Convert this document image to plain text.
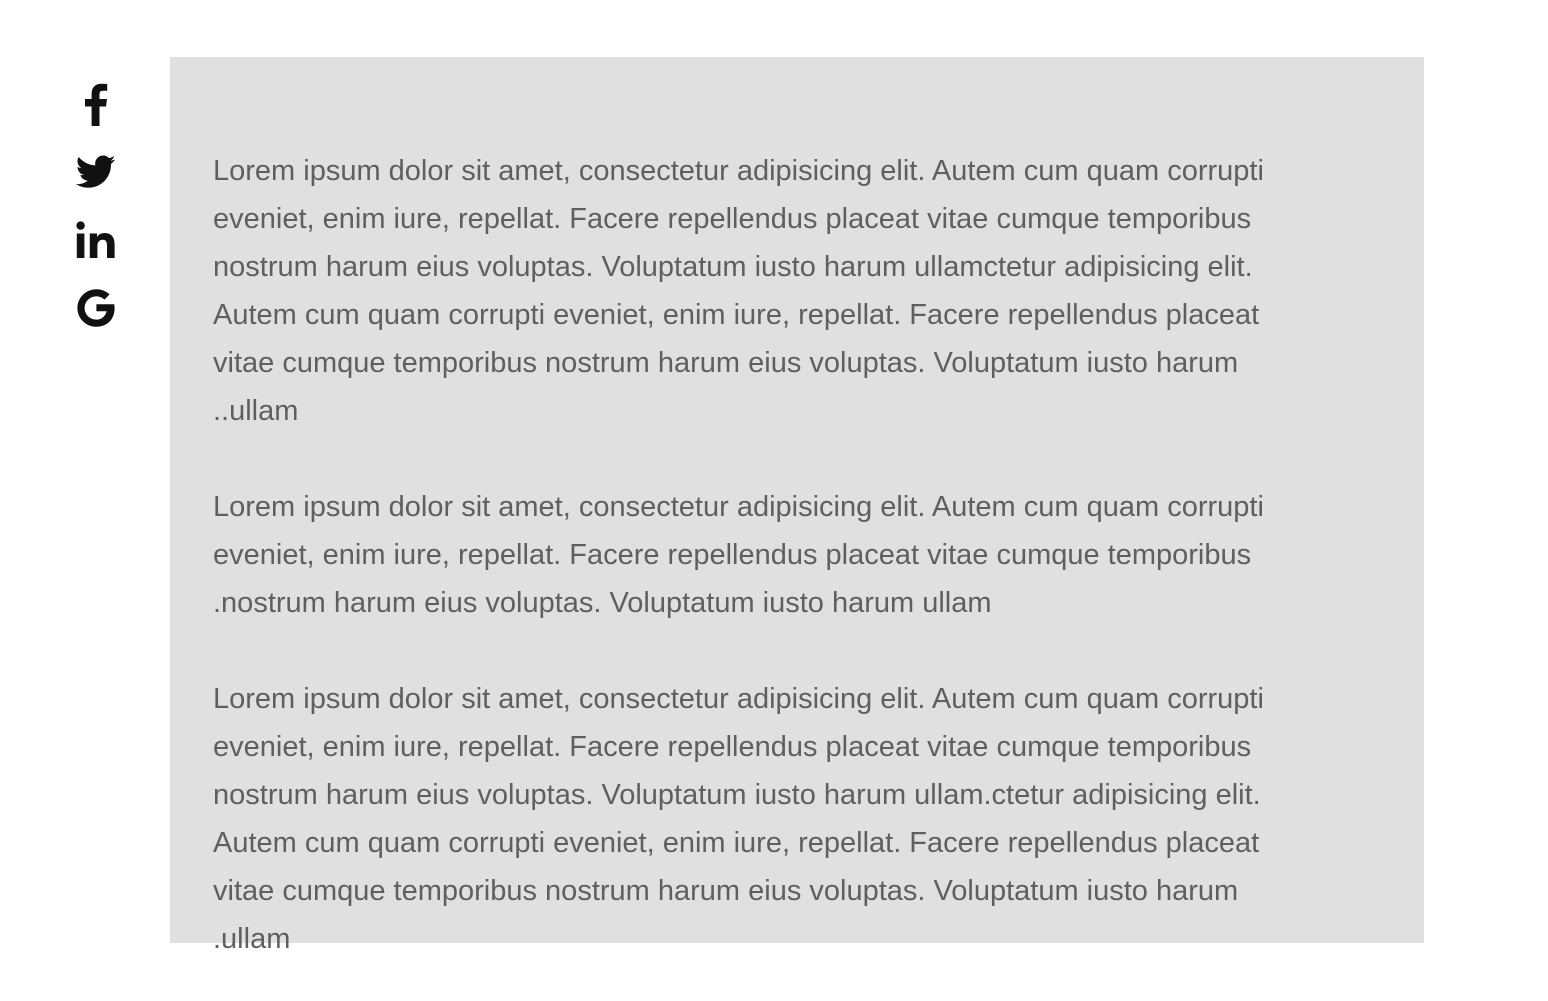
Lorem ipsum dolor sit amet, consectetur adipisicing elit. Autem cum quam corrupti
eveniet, enim iure, repellat. Facere repellendus placeat vitae cumque temporibus
nostrum harum eius voluptas. Voluptatum iusto harum ullamctetur adipisicing elit.
Autem cum quam corrupti eveniet, enim iure, repellat. Facere repellendus placeat
vitae cumque temporibus nostrum harum eius voluptas. Voluptatum iusto harum
..ullam

Lorem ipsum dolor sit amet, consectetur adipisicing elit. Autem cum quam corrupti
eveniet, enim iure, repellat. Facere repellendus placeat vitae cumque temporibus
.nostrum harum eius voluptas. Voluptatum iusto harum ullam

Lorem ipsum dolor sit amet, consectetur adipisicing elit. Autem cum quam corrupti
eveniet, enim iure, repellat. Facere repellendus placeat vitae cumque temporibus
nostrum harum eius voluptas. Voluptatum iusto harum ullam.ctetur adipisicing elit.
Autem cum quam corrupti eveniet, enim iure, repellat. Facere repellendus placeat
vitae cumque temporibus nostrum harum eius voluptas. Voluptatum iusto harum
.ullam
